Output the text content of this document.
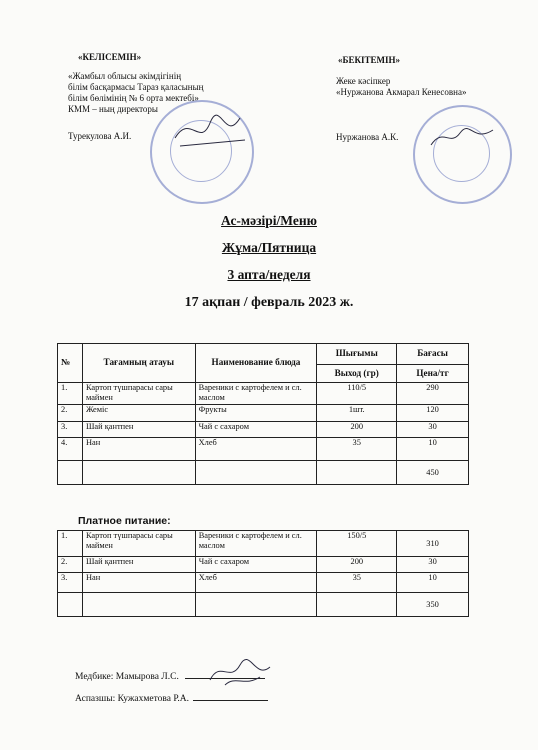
«КЕЛІСЕМІН»
«Жамбыл облысы әкімдігінің
білім басқармасы Тараз қаласының
білім бөлімінің № 6 орта мектебі»
КММ – ның директоры
Турекулова А.И.
«БЕКІТЕМІН»
Жеке кәсіпкер
«Нуржанова Акмарал Кенесовна»
Нуржанова А.К.
Ас-мәзірі/Меню
Жұма/Пятница
3 апта/неделя
17 ақпан / февраль 2023 ж.
№	Тағамның атауы	Наименование блюда	Шығымы	Бағасы
			Выход (гр)	Цена/тг
1.	Картоп түшпарасы сары маймен	Вареники с картофелем и сл. маслом	110/5	290
2.	Жеміс	Фрукты	1шт.	120
3.	Шай қантпен	Чай с сахаром	200	30
4.	Нан	Хлеб	35	10
				450
Платное питание:
1.	Картоп түшпарасы сары маймен	Вареники с картофелем и сл. маслом	150/5	310
2.	Шай қантпен	Чай с сахаром	200	30
3.	Нан	Хлеб	35	10
				350
Медбике: Мамырова Л.С.
Аспазшы: Кужахметова Р.А.
